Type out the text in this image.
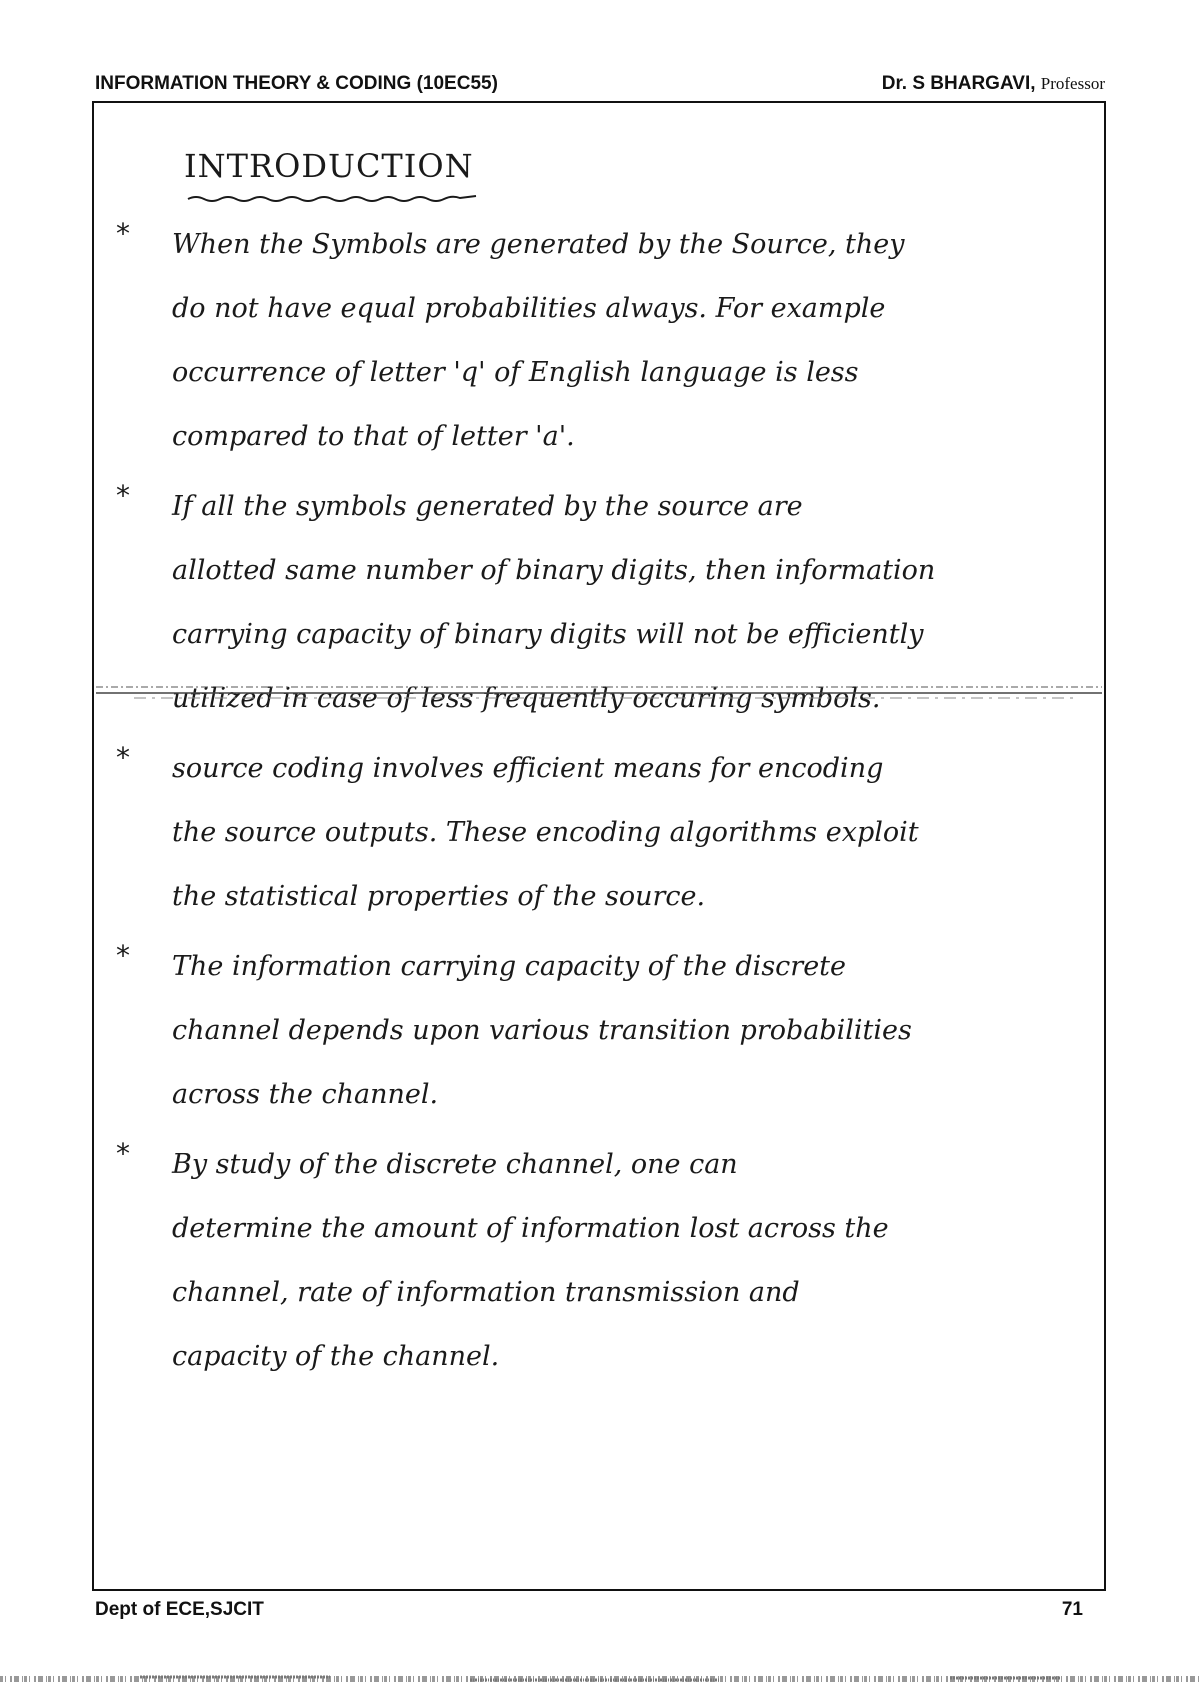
INFORMATION THEORY & CODING (10EC55)	Dr. S BHARGAVI, Professor
INTRODUCTION
* When the Symbols are generated by the Source, they
do not have equal probabilities always. For example
occurrence of letter 'q' of English language is less
compared to that of letter 'a'.
* If all the symbols generated by the source are
allotted same number of binary digits, then information
carrying capacity of binary digits will not be efficiently
utilized in case of less frequently occuring symbols.
* source coding involves efficient means for encoding
the source outputs. These encoding algorithms exploit
the statistical properties of the source.
* The information carrying capacity of the discrete
channel depends upon various transition probabilities
across the channel.
* By study of the discrete channel, one can
determine the amount of information lost across the
channel, rate of information transmission and
capacity of the channel.
Dept of ECE,SJCIT	71
